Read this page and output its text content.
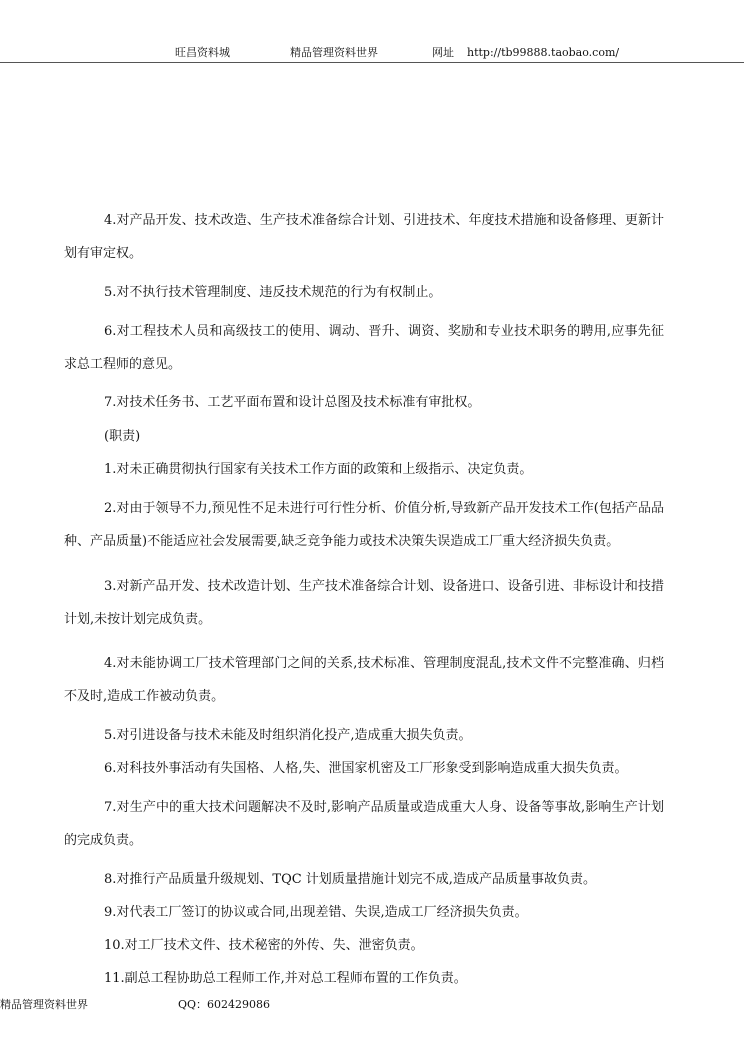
旺昌资料城	精品管理资料世界	网址 http://tb99888.taobao.com/

4.对产品开发、技术改造、生产技术准备综合计划、引进技术、年度技术措施和设备修理、更新计划有审定权。

5.对不执行技术管理制度、违反技术规范的行为有权制止。

6.对工程技术人员和高级技工的使用、调动、晋升、调资、奖励和专业技术职务的聘用,应事先征求总工程师的意见。

7.对技术任务书、工艺平面布置和设计总图及技术标准有审批权。

(职责)

1.对未正确贯彻执行国家有关技术工作方面的政策和上级指示、决定负责。

2.对由于领导不力,预见性不足未进行可行性分析、价值分析,导致新产品开发技术工作(包括产品品种、产品质量)不能适应社会发展需要,缺乏竞争能力或技术决策失误造成工厂重大经济损失负责。

3.对新产品开发、技术改造计划、生产技术准备综合计划、设备进口、设备引进、非标设计和技措计划,未按计划完成负责。

4.对未能协调工厂技术管理部门之间的关系,技术标准、管理制度混乱,技术文件不完整准确、归档不及时,造成工作被动负责。

5.对引进设备与技术未能及时组织消化投产,造成重大损失负责。

6.对科技外事活动有失国格、人格,失、泄国家机密及工厂形象受到影响造成重大损失负责。

7.对生产中的重大技术问题解决不及时,影响产品质量或造成重大人身、设备等事故,影响生产计划的完成负责。

8.对推行产品质量升级规划、TQC 计划质量措施计划完不成,造成产品质量事故负责。

9.对代表工厂签订的协议或合同,出现差错、失误,造成工厂经济损失负责。

10.对工厂技术文件、技术秘密的外传、失、泄密负责。

11.副总工程协助总工程师工作,并对总工程师布置的工作负责。

精品管理资料世界	QQ：602429086
